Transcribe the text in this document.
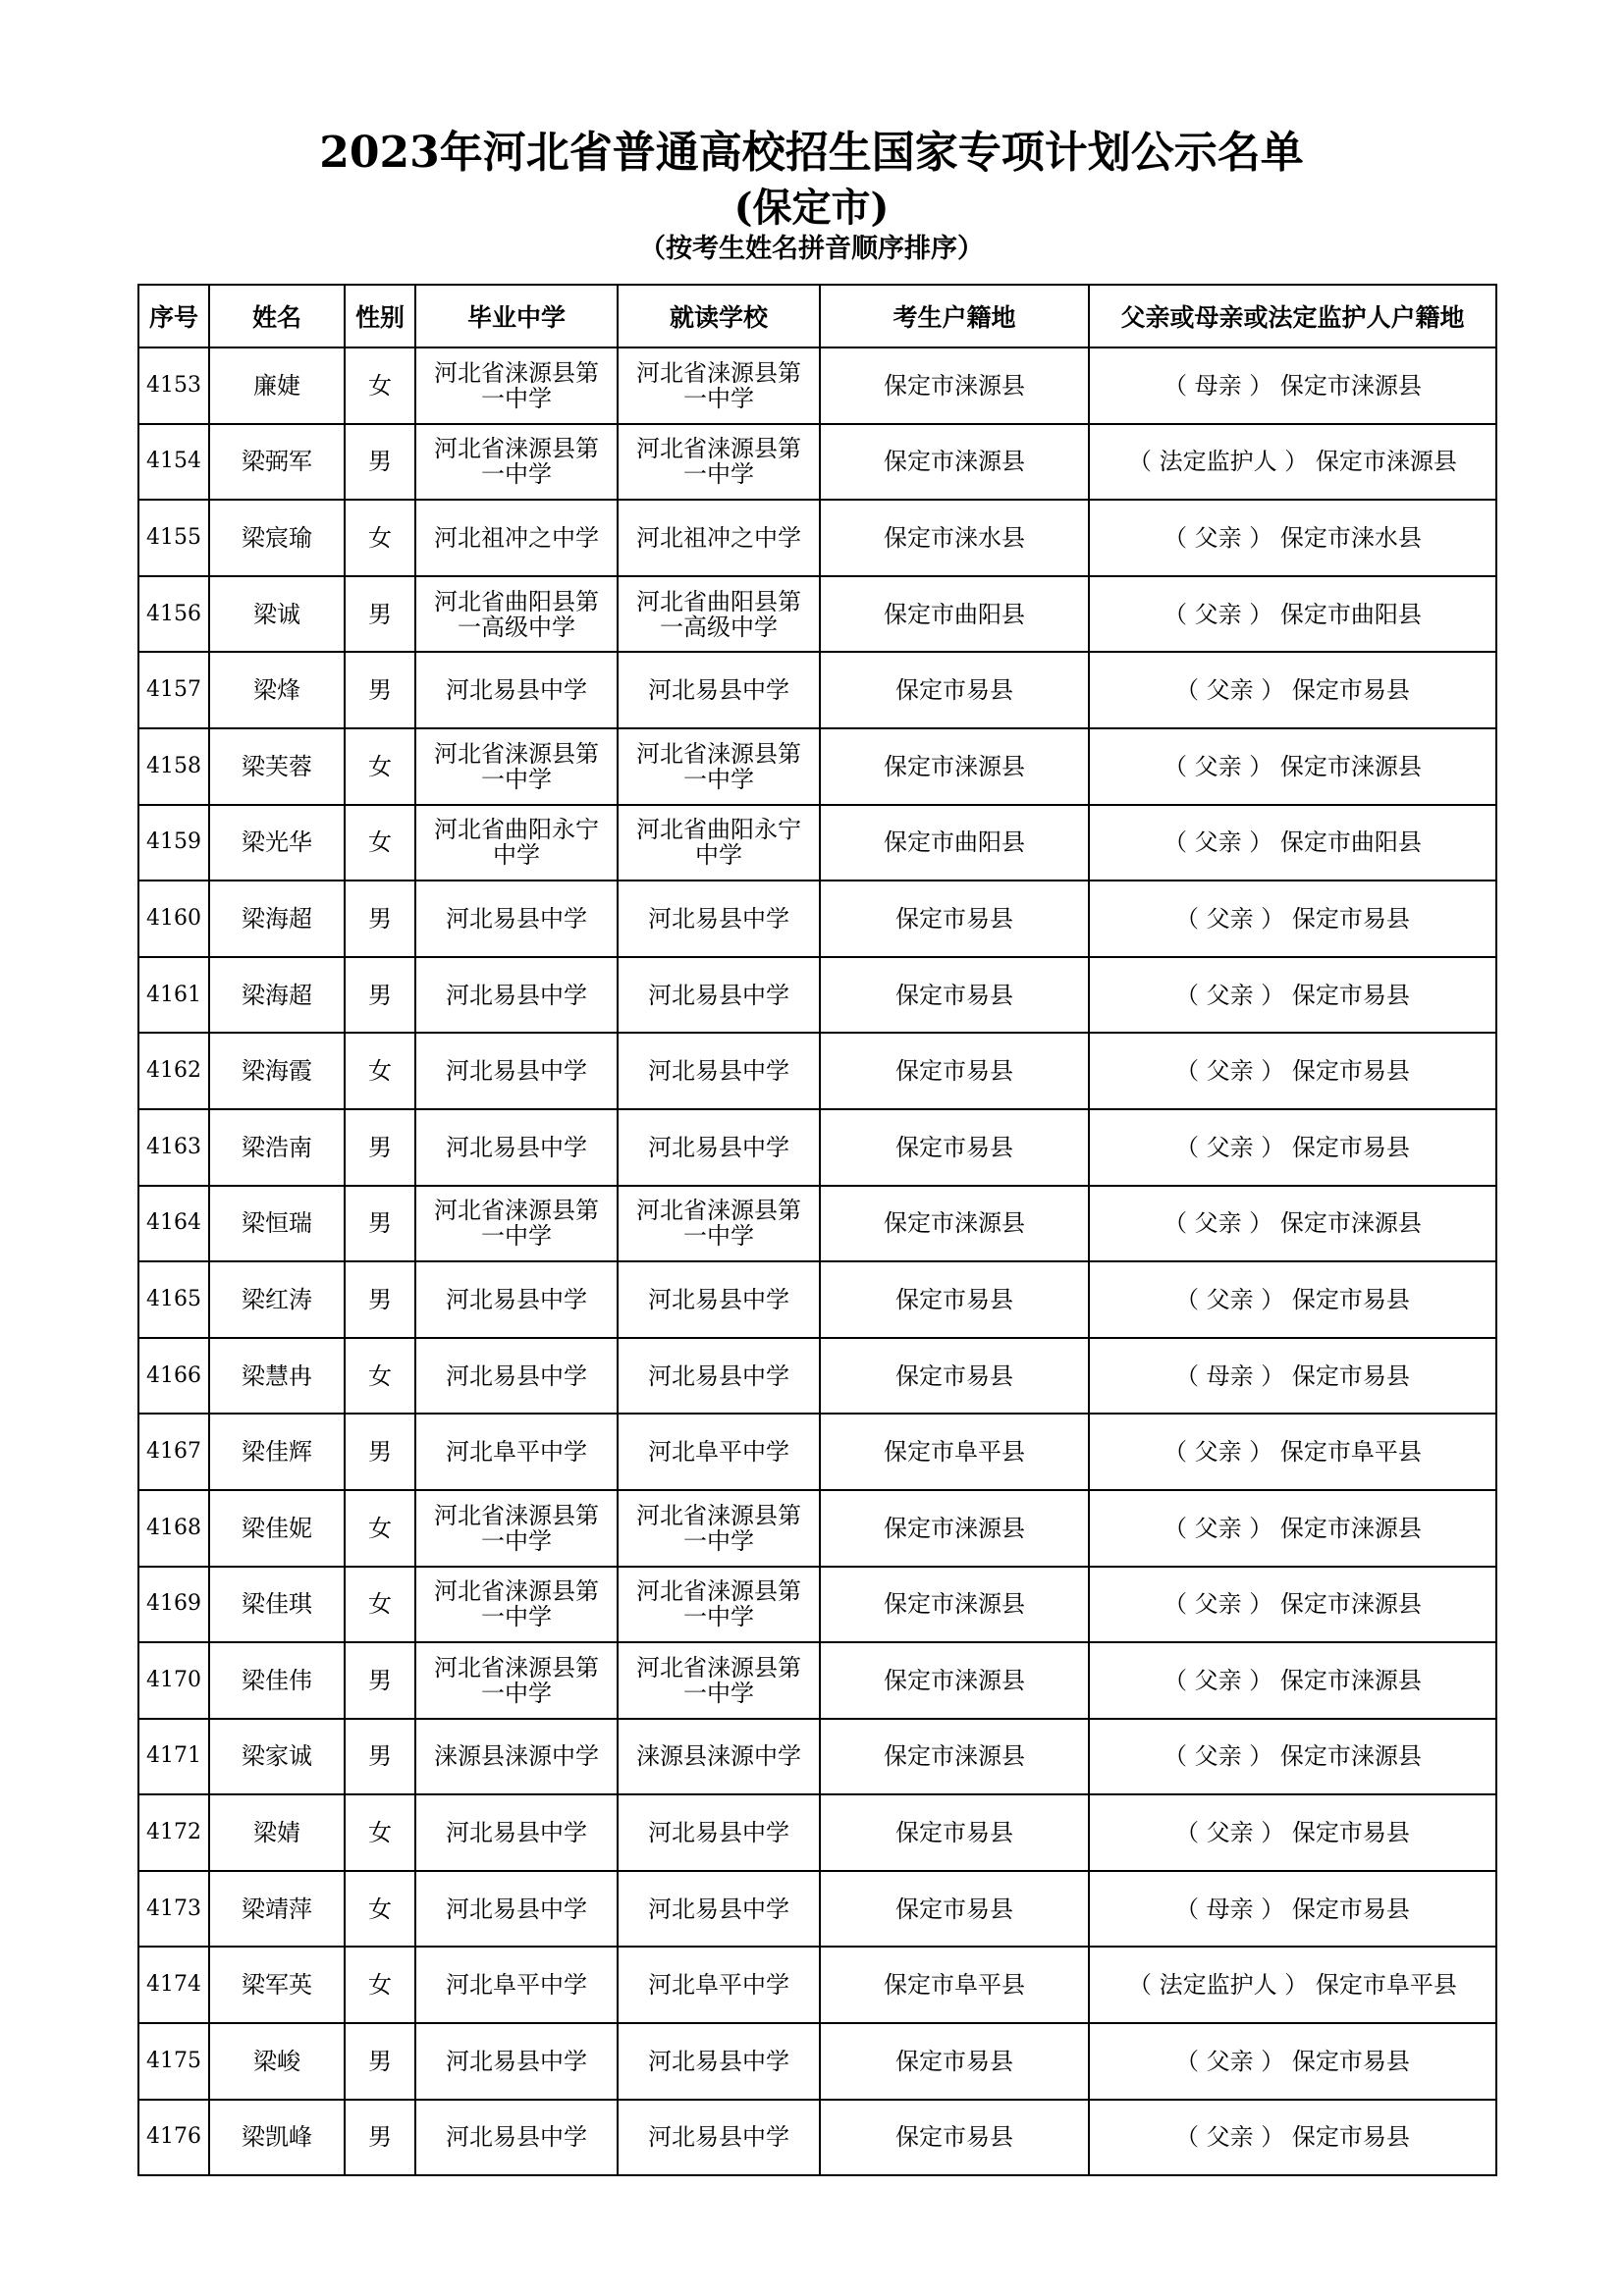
2023年河北省普通高校招生国家专项计划公示名单
(保定市)
（按考生姓名拼音顺序排序）
序号	姓名	性别	毕业中学	就读学校	考生户籍地	父亲或母亲或法定监护人户籍地
4153	廉婕	女	河北省涞源县第一中学	河北省涞源县第一中学	保定市涞源县	（ 母亲 ） 保定市涞源县
4154	梁弼军	男	河北省涞源县第一中学	河北省涞源县第一中学	保定市涞源县	（ 法定监护人 ） 保定市涞源县
4155	梁宸瑜	女	河北祖冲之中学	河北祖冲之中学	保定市涞水县	（ 父亲 ） 保定市涞水县
4156	梁诚	男	河北省曲阳县第一高级中学	河北省曲阳县第一高级中学	保定市曲阳县	（ 父亲 ） 保定市曲阳县
4157	梁烽	男	河北易县中学	河北易县中学	保定市易县	（ 父亲 ） 保定市易县
4158	梁芙蓉	女	河北省涞源县第一中学	河北省涞源县第一中学	保定市涞源县	（ 父亲 ） 保定市涞源县
4159	梁光华	女	河北省曲阳永宁中学	河北省曲阳永宁中学	保定市曲阳县	（ 父亲 ） 保定市曲阳县
4160	梁海超	男	河北易县中学	河北易县中学	保定市易县	（ 父亲 ） 保定市易县
4161	梁海超	男	河北易县中学	河北易县中学	保定市易县	（ 父亲 ） 保定市易县
4162	梁海霞	女	河北易县中学	河北易县中学	保定市易县	（ 父亲 ） 保定市易县
4163	梁浩南	男	河北易县中学	河北易县中学	保定市易县	（ 父亲 ） 保定市易县
4164	梁恒瑞	男	河北省涞源县第一中学	河北省涞源县第一中学	保定市涞源县	（ 父亲 ） 保定市涞源县
4165	梁红涛	男	河北易县中学	河北易县中学	保定市易县	（ 父亲 ） 保定市易县
4166	梁慧冉	女	河北易县中学	河北易县中学	保定市易县	（ 母亲 ） 保定市易县
4167	梁佳辉	男	河北阜平中学	河北阜平中学	保定市阜平县	（ 父亲 ） 保定市阜平县
4168	梁佳妮	女	河北省涞源县第一中学	河北省涞源县第一中学	保定市涞源县	（ 父亲 ） 保定市涞源县
4169	梁佳琪	女	河北省涞源县第一中学	河北省涞源县第一中学	保定市涞源县	（ 父亲 ） 保定市涞源县
4170	梁佳伟	男	河北省涞源县第一中学	河北省涞源县第一中学	保定市涞源县	（ 父亲 ） 保定市涞源县
4171	梁家诚	男	涞源县涞源中学	涞源县涞源中学	保定市涞源县	（ 父亲 ） 保定市涞源县
4172	梁婧	女	河北易县中学	河北易县中学	保定市易县	（ 父亲 ） 保定市易县
4173	梁靖萍	女	河北易县中学	河北易县中学	保定市易县	（ 母亲 ） 保定市易县
4174	梁军英	女	河北阜平中学	河北阜平中学	保定市阜平县	（ 法定监护人 ） 保定市阜平县
4175	梁峻	男	河北易县中学	河北易县中学	保定市易县	（ 父亲 ） 保定市易县
4176	梁凯峰	男	河北易县中学	河北易县中学	保定市易县	（ 父亲 ） 保定市易县
